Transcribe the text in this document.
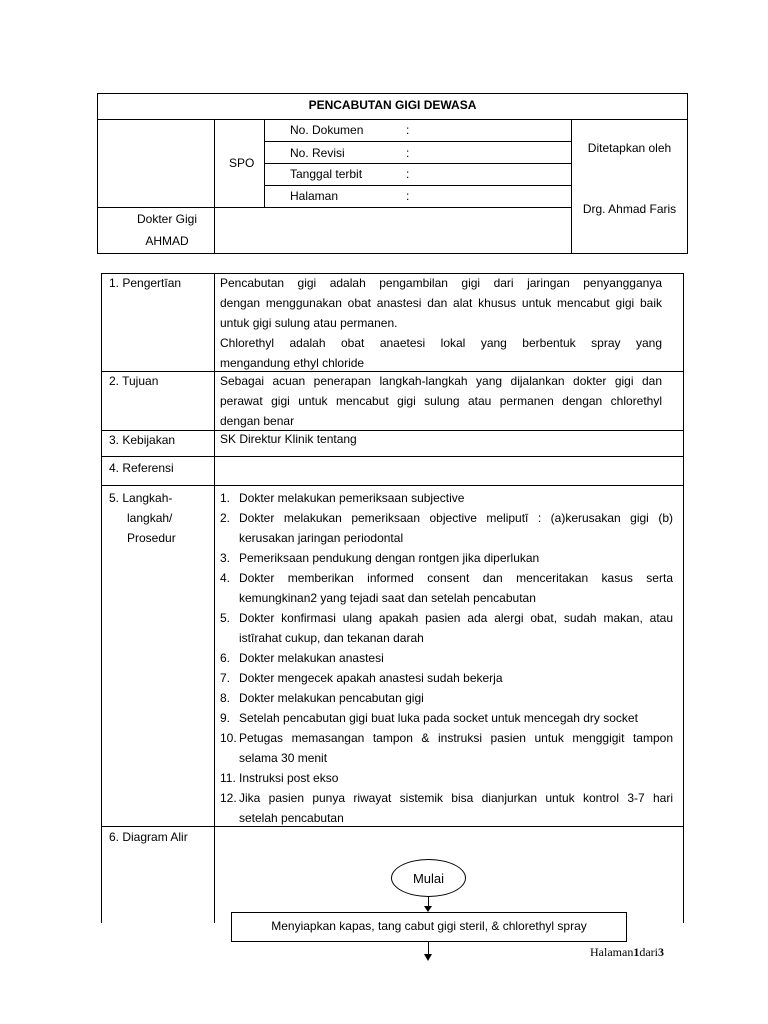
PENCABUTAN GIGI DEWASA
SPO
No. Dokumen	:
No. Revisi	:
Tanggal terbit	:
Halaman	:
Ditetapkan oleh
Drg. Ahmad Faris
Dokter Gigi
AHMAD
1. Pengertīan	Pencabutan gigi adalah pengambilan gigi dari jaringan penyangganya
dengan menggunakan obat anastesi dan alat khusus untuk mencabut gigi baik
untuk gigi sulung atau permanen.
Chlorethyl adalah obat anaetesi lokal yang berbentuk spray yang
mengandung ethyl chloride
2. Tujuan	Sebagai acuan penerapan langkah-langkah yang dijalankan dokter gigi dan
perawat gigi untuk mencabut gigi sulung atau permanen dengan chlorethyl
dengan benar
3. Kebijakan	SK Direktur Klinik tentang
4. Referensi
5. Langkah-
langkah/
Prosedur
1. Dokter melakukan pemeriksaan subjective
2. Dokter melakukan pemeriksaan objective meliputī : (a)kerusakan gigi (b)
kerusakan jaringan periodontal
3. Pemeriksaan pendukung dengan rontgen jika diperlukan
4. Dokter memberikan informed consent dan menceritakan kasus serta
kemungkinan2 yang tejadi saat dan setelah pencabutan
5. Dokter konfirmasi ulang apakah pasien ada alergi obat, sudah makan, atau
istīrahat cukup, dan tekanan darah
6. Dokter melakukan anastesi
7. Dokter mengecek apakah anastesi sudah bekerja
8. Dokter melakukan pencabutan gigi
9. Setelah pencabutan gigi buat luka pada socket untuk mencegah dry socket
10. Petugas memasangan tampon & instruksi pasien untuk menggigit tampon
selama 30 menit
11. Instruksi post ekso
12. Jika pasien punya riwayat sistemik bisa dianjurkan untuk kontrol 3-7 hari
setelah pencabutan
6. Diagram Alir
Mulai
Menyiapkan kapas, tang cabut gigi steril, & chlorethyl spray
Halaman1dari3
